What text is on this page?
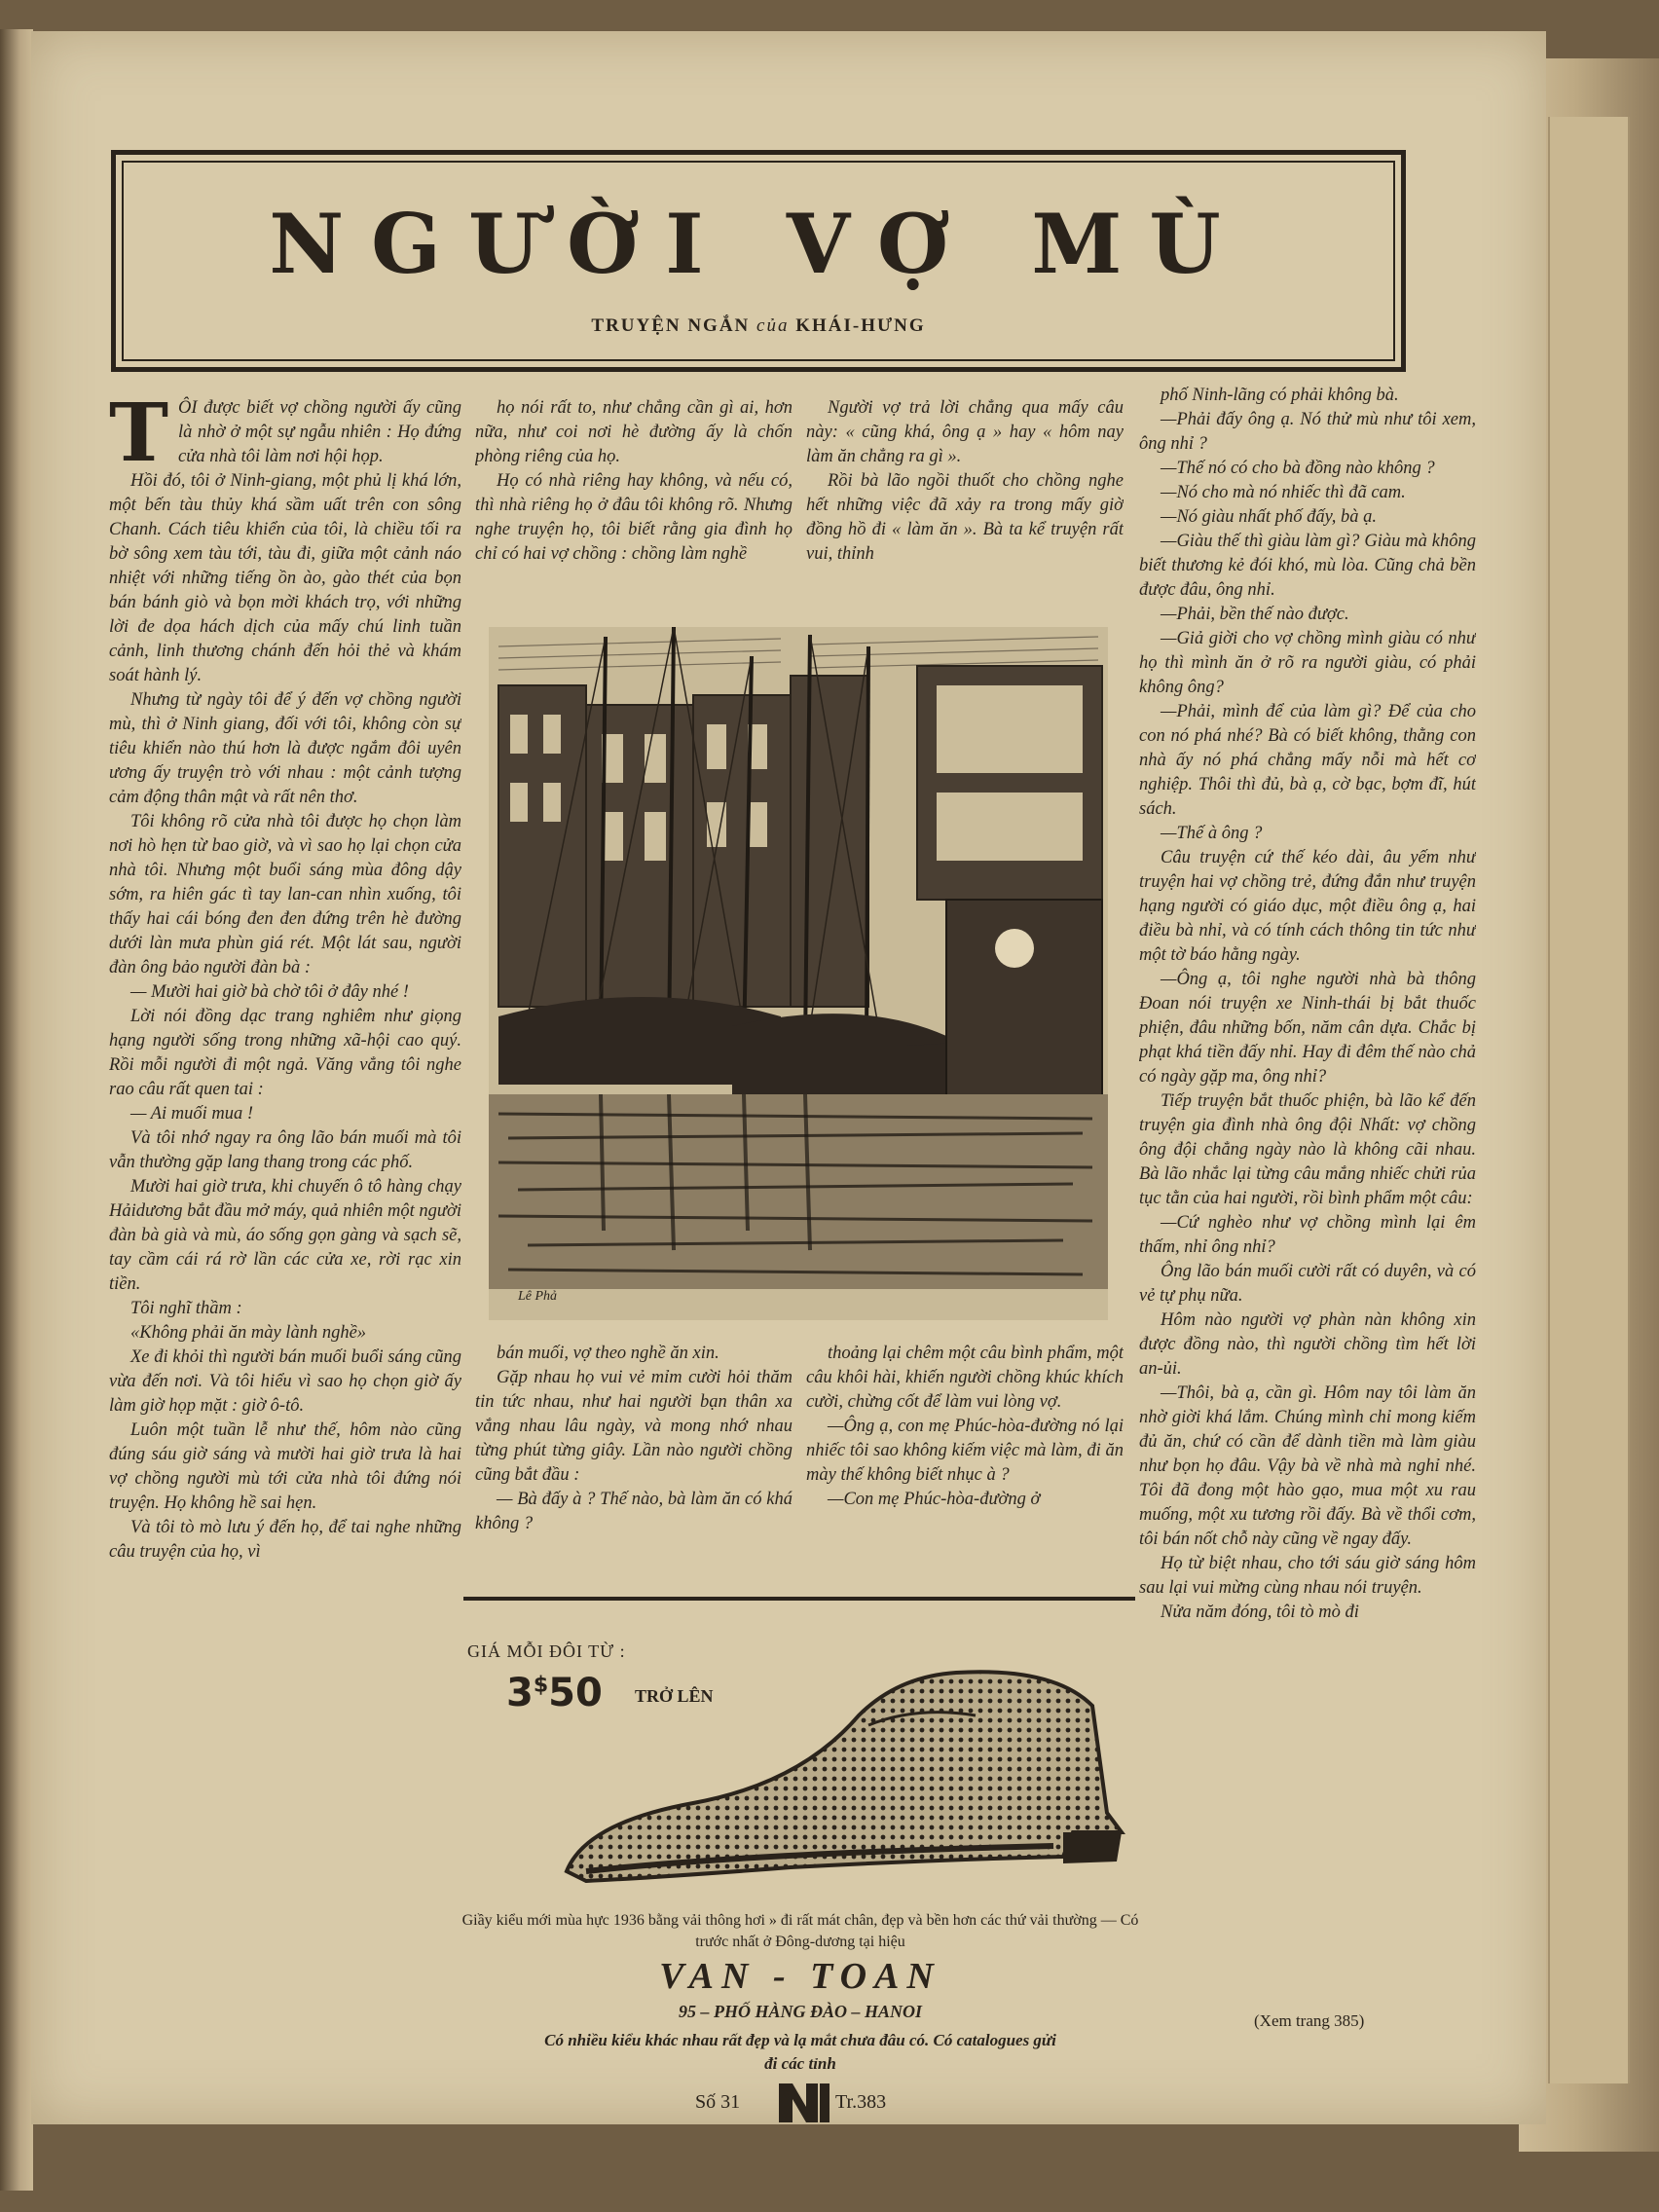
NGƯỜI VỢ MÙ
TRUYỆN NGẮN của KHÁI-HƯNG
T ÔI được biết vợ chồng người ấy cũng là nhờ ở một sự ngẫu nhiên : Họ đứng cửa nhà tôi làm nơi hội họp.

Hồi đó, tôi ở Ninh-giang, một phủ lị khá lớn, một bến tàu thủy khá sầm uất trên con sông Chanh. Cách tiêu khiển của tôi, là chiều tối ra bờ sông xem tàu tới, tàu đi, giữa một cảnh náo nhiệt với những tiếng ồn ào, gào thét của bọn bán bánh giò và bọn mời khách trọ, với những lời đe dọa hách dịch của mấy chú linh tuần cảnh, linh thương chánh đến hỏi thẻ và khám soát hành lý.

Nhưng từ ngày tôi để ý đến vợ chồng người mù, thì ở Ninh giang, đối với tôi, không còn sự tiêu khiển nào thú hơn là được ngắm đôi uyên ương ấy truyện trò với nhau : một cảnh tượng cảm động thân mật và rất nên thơ.

Tôi không rõ cửa nhà tôi được họ chọn làm nơi hò hẹn từ bao giờ, và vì sao họ lại chọn cửa nhà tôi. Nhưng một buổi sáng mùa đông dậy sớm, ra hiên gác tì tay lan-can nhìn xuống, tôi thấy hai cái bóng đen đen đứng trên hè đường dưới làn mưa phùn giá rét. Một lát sau, người đàn ông bảo người đàn bà :

— Mười hai giờ bà chờ tôi ở đây nhé !

Lời nói đồng dạc trang nghiêm như giọng hạng người sống trong những xã-hội cao quý. Rồi mỗi người đi một ngả. Văng vẳng tôi nghe rao câu rất quen tai :

— Ai muối mua !

Và tôi nhớ ngay ra ông lão bán muối mà tôi vẫn thường gặp lang thang trong các phố.

Mười hai giờ trưa, khi chuyến ô tô hàng chạy Hảidương bắt đầu mở máy, quả nhiên một người đàn bà già và mù, áo sống gọn gàng và sạch sẽ, tay cầm cái rá rờ lần các cửa xe, rời rạc xin tiền.

Tôi nghĩ thầm :

«Không phải ăn mày lành nghề»

Xe đi khỏi thì người bán muối buổi sáng cũng vừa đến nơi. Và tôi hiểu vì sao họ chọn giờ ấy làm giờ họp mặt : giờ ô-tô.

Luôn một tuần lễ như thế, hôm nào cũng đúng sáu giờ sáng và mười hai giờ trưa là hai vợ chồng người mù tới cửa nhà tôi đứng nói truyện. Họ không hề sai hẹn.

Và tôi tò mò lưu ý đến họ, để tai nghe những câu truyện của họ, vì

họ nói rất to, như chẳng cần gì ai, hơn nữa, như coi nơi hè đường ấy là chốn phòng riêng của họ.

Họ có nhà riêng hay không, và nếu có, thì nhà riêng họ ở đâu tôi không rõ. Nhưng nghe truyện họ, tôi biết rằng gia đình họ chỉ có hai vợ chồng : chồng làm nghề

Người vợ trả lời chẳng qua mấy câu này: « cũng khá, ông ạ » hay « hôm nay làm ăn chẳng ra gì ».

Rồi bà lão ngồi thuốt cho chồng nghe hết những việc đã xảy ra trong mấy giờ đồng hồ đi « làm ăn ». Bà ta kể truyện rất vui, thỉnh

Lê Phả

bán muối, vợ theo nghề ăn xin.

Gặp nhau họ vui vẻ mỉm cười hỏi thăm tin tức nhau, như hai người bạn thân xa vắng nhau lâu ngày, và mong nhớ nhau từng phút từng giây. Lần nào người chồng cũng bắt đầu :

— Bà đấy à ? Thế nào, bà làm ăn có khá không ?

thoảng lại chêm một câu bình phẩm, một câu khôi hài, khiến người chồng khúc khích cười, chừng cốt để làm vui lòng vợ.

—Ông ạ, con mẹ Phúc-hòa-đường nó lại nhiếc tôi sao không kiếm việc mà làm, đi ăn mày thế không biết nhục à ?

—Con mẹ Phúc-hòa-đường ở

phố Ninh-lãng có phải không bà.

—Phải đấy ông ạ. Nó thử mù như tôi xem, ông nhỉ ?

—Thế nó có cho bà đồng nào không ?

—Nó cho mà nó nhiếc thì đã cam.

—Nó giàu nhất phố đấy, bà ạ.

—Giàu thế thì giàu làm gì? Giàu mà không biết thương kẻ đói khó, mù lòa. Cũng chả bền được đâu, ông nhỉ.

—Phải, bền thế nào được.

—Giả giời cho vợ chồng mình giàu có như họ thì mình ăn ở rõ ra người giàu, có phải không ông?

—Phải, mình để của làm gì? Để của cho con nó phá nhé? Bà có biết không, thằng con nhà ấy nó phá chẳng mấy nỗi mà hết cơ nghiệp. Thôi thì đủ, bà ạ, cờ bạc, bợm đĩ, hút sách.

—Thế à ông ?

Câu truyện cứ thế kéo dài, âu yếm như truyện hai vợ chồng trẻ, đứng đắn như truyện hạng người có giáo dục, một điều ông ạ, hai điều bà nhỉ, và có tính cách thông tin tức như một tờ báo hằng ngày.

—Ông ạ, tôi nghe người nhà bà thông Đoan nói truyện xe Ninh-thái bị bắt thuốc phiện, đâu những bốn, năm cân dựa. Chắc bị phạt khá tiền đấy nhỉ. Hay đi đêm thế nào chả có ngày gặp ma, ông nhỉ?

Tiếp truyện bắt thuốc phiện, bà lão kể đến truyện gia đình nhà ông đội Nhất: vợ chồng ông đội chẳng ngày nào là không cãi nhau. Bà lão nhắc lại từng câu mắng nhiếc chửi rủa tục tằn của hai người, rồi bình phẩm một câu:

—Cứ nghèo như vợ chồng mình lại êm thấm, nhỉ ông nhỉ?

Ông lão bán muối cười rất có duyên, và có vẻ tự phụ nữa.

Hôm nào người vợ phàn nàn không xin được đồng nào, thì người chồng tìm hết lời an-ủi.

—Thôi, bà ạ, cần gì. Hôm nay tôi làm ăn nhờ giời khá lắm. Chúng mình chỉ mong kiếm đủ ăn, chứ có cần để dành tiền mà làm giàu như bọn họ đâu. Vậy bà về nhà mà nghỉ nhé. Tôi đã đong một hào gạo, mua một xu rau muống, một xu tương rồi đấy. Bà về thổi cơm, tôi bán nốt chỗ này cũng về ngay đấy.

Họ từ biệt nhau, cho tới sáu giờ sáng hôm sau lại vui mừng cùng nhau nói truyện.

Nửa năm đóng, tôi tò mò đi

(Xem trang 385)
GIÁ MỖI ĐÔI TỪ :
3$50 TRỞ LÊN
Giầy kiểu mới mùa hực 1936 bằng vải thông hơi » đi rất mát chân, đẹp và bền hơn các thứ vải thường — Có trước nhất ở Đông-dương tại hiệu
VAN - TOAN
95 – PHỐ HÀNG ĐÀO – HANOI
Có nhiều kiểu khác nhau rất đẹp và lạ mắt chưa đâu có. Có catalogues gửi đi các tỉnh
Số 31	Tr.383
